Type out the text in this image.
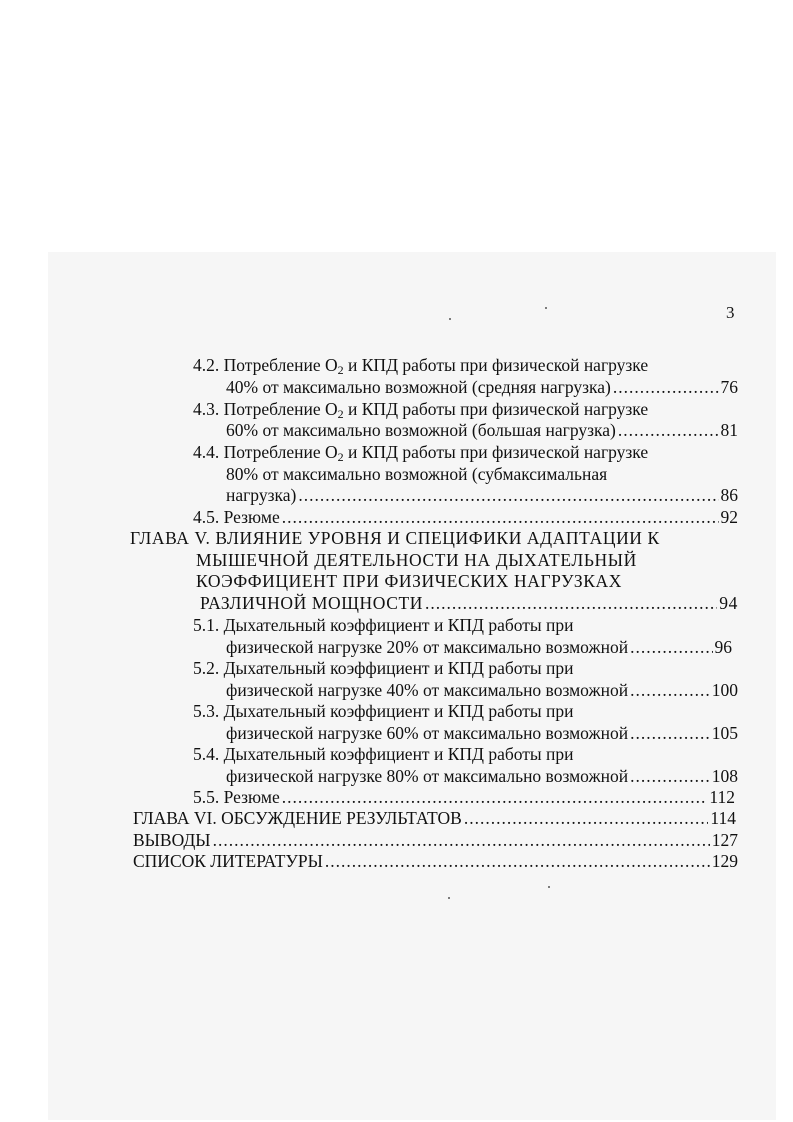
3
4.2. Потребление $O_2$ и КПД работы при физической нагрузке
40% от максимально возможной (средняя нагрузка) .....	76
4.3. Потребление $O_2$ и КПД работы при физической нагрузке
60% от максимально возможной (большая нагрузка) .....	81
4.4. Потребление $O_2$ и КПД работы при физической нагрузке
80% от максимально возможной (субмаксимальная
нагрузка) .....	86
4.5. Резюме .....	92
ГЛАВА V. ВЛИЯНИЕ УРОВНЯ И СПЕЦИФИКИ АДАПТАЦИИ К
МЫШЕЧНОЙ ДЕЯТЕЛЬНОСТИ НА ДЫХАТЕЛЬНЫЙ
КОЭФФИЦИЕНТ ПРИ ФИЗИЧЕСКИХ НАГРУЗКАХ
РАЗЛИЧНОЙ МОЩНОСТИ .....	94
5.1. Дыхательный коэффициент и КПД работы при
физической нагрузке 20% от максимально возможной .....	96
5.2. Дыхательный коэффициент и КПД работы при
физической нагрузке 40% от максимально возможной .....	100
5.3. Дыхательный коэффициент и КПД работы при
физической нагрузке 60% от максимально возможной .....	105
5.4. Дыхательный коэффициент и КПД работы при
физической нагрузке 80% от максимально возможной .....	108
5.5. Резюме .....	112
ГЛАВА VI. ОБСУЖДЕНИЕ РЕЗУЛЬТАТОВ .....	114
ВЫВОДЫ .....	127
СПИСОК ЛИТЕРАТУРЫ .....	129
